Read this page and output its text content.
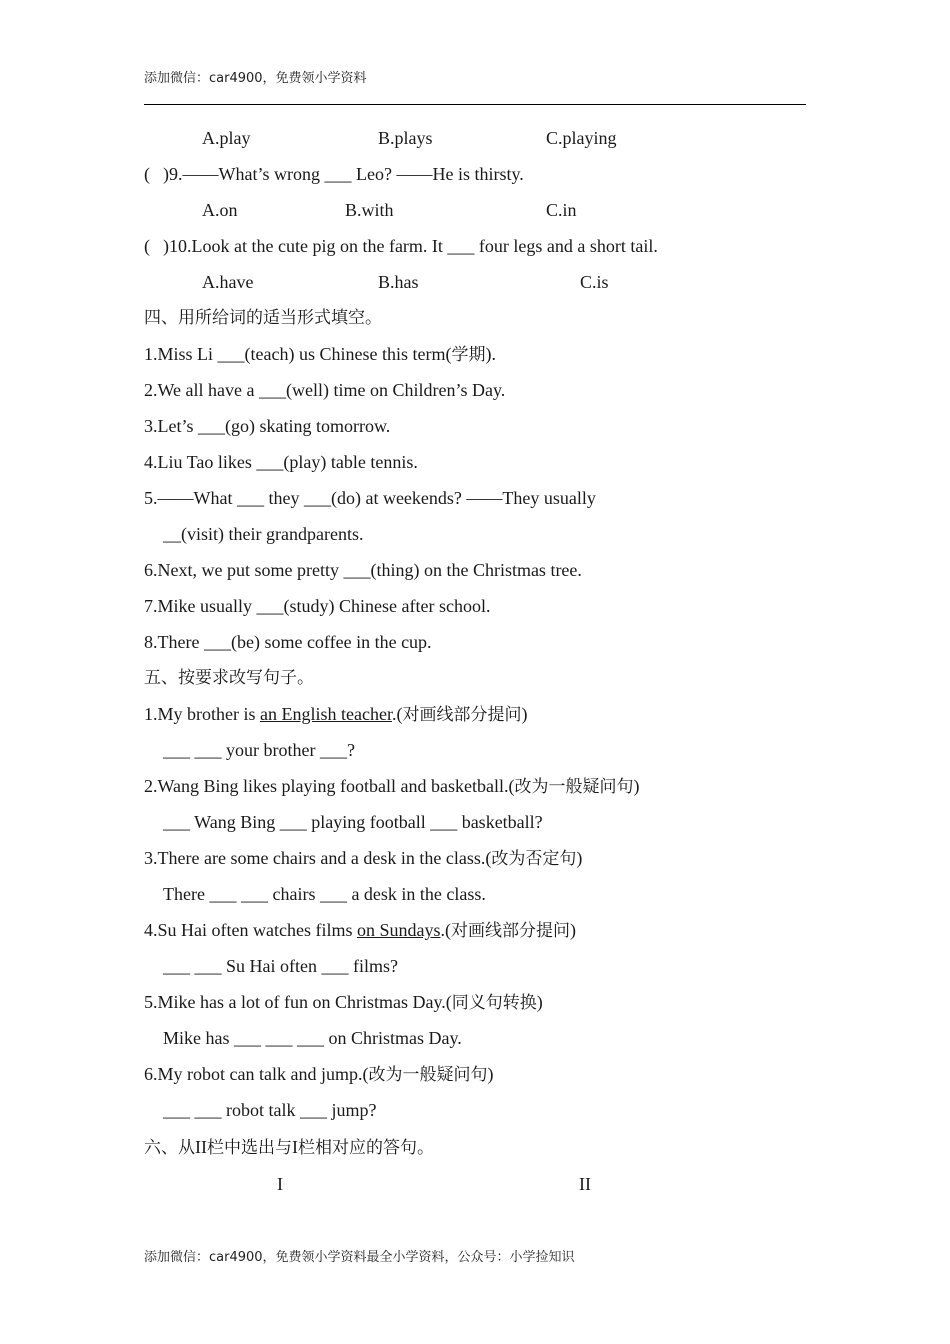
添加微信：car4900，免费领小学资料
A.play	B.plays	C.playing
( )9.——What’s wrong ___ Leo? ——He is thirsty.
A.on	B.with	C.in
( )10.Look at the cute pig on the farm. It ___ four legs and a short tail.
A.have	B.has	C.is
四、用所给词的适当形式填空。
1.Miss Li ___(teach) us Chinese this term(学期).
2.We all have a ___(well) time on Children’s Day.
3.Let’s ___(go) skating tomorrow.
4.Liu Tao likes ___(play) table tennis.
5.——What ___ they ___(do) at weekends? ——They usually
__(visit) their grandparents.
6.Next, we put some pretty ___(thing) on the Christmas tree.
7.Mike usually ___(study) Chinese after school.
8.There ___(be) some coffee in the cup.
五、按要求改写句子。
1.My brother is an English teacher.(对画线部分提问)
___ ___ your brother ___?
2.Wang Bing likes playing football and basketball.(改为一般疑问句)
___ Wang Bing ___ playing football ___ basketball?
3.There are some chairs and a desk in the class.(改为否定句)
There ___ ___ chairs ___ a desk in the class.
4.Su Hai often watches films on Sundays.(对画线部分提问)
___ ___ Su Hai often ___ films?
5.Mike has a lot of fun on Christmas Day.(同义句转换)
Mike has ___ ___ ___ on Christmas Day.
6.My robot can talk and jump.(改为一般疑问句)
___ ___ robot talk ___ jump?
六、从II栏中选出与I栏相对应的答句。
I	II
添加微信：car4900，免费领小学资料最全小学资料，公众号：小学捡知识
